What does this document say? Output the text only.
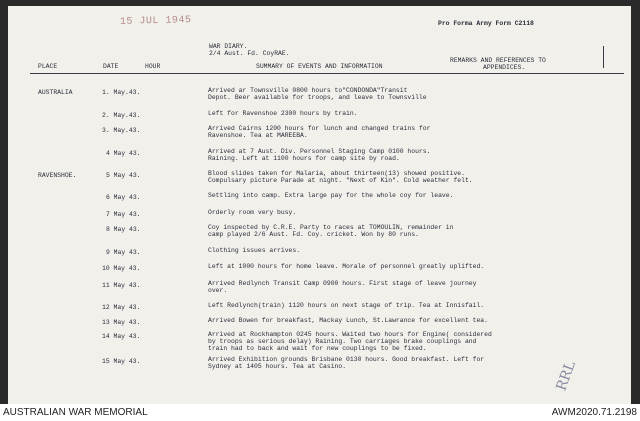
15 JUL 1945	Pro Forma Army Form C2118
WAR DIARY.
2/4 Aust. Fd. CoyRAE.
PLACE	DATE	HOUR	SUMMARY OF EVENTS AND INFORMATION
REMARKS AND REFERENCES TO
APPENDICES.
AUSTRALIA	1. May.43.	Arrived ar Townsville 0800 hours to"CONDONDA"Transit
Depot. Beer available for troops, and leave to Townsville
2. May.43.	Left for Ravenshoe 2300 hours by train.
3. May.43.	Arrived Cairns 1200 hours for lunch and changed trains for
Ravenshoe. Tea at MAREEBA.
4 May 43.	Arrived at 7 Aust. Div. Personnel Staging Camp 0100 hours.
Raining. Left at 1100 hours for camp site by road.
RAVENSHOE.	5 May 43.	Blood slides taken for Malaria, about thirteen(13) showed positive.
Compulsary picture Parade at night. "Next of Kin". Cold weather felt.
6 May 43.	Settling into camp. Extra large pay for the whole coy for leave.
7 May 43.	Orderly room very busy.
8 May 43.	Coy inspected by C.R.E. Party to races at TOMOULIN, remainder in
camp played 2/6 Aust. Fd. Coy. cricket. Won by 80 runs.
9 May 43.	Clothing issues arrives.
10 May 43.	Left at 1000 hours for home leave. Morale of personnel greatly uplifted.
11 May 43.	Arrived Redlynch Transit Camp 0900 hours. First stage of leave journey
over.
12 May 43.	Left Redlynch(train) 1120 hours on next stage of trip. Tea at Innisfail.
13 May 43.	Arrived Bowen for breakfast, Mackay Lunch, St.Lawrance for excellent tea.
14 May 43.	Arrived at Rockhampton 0245 hours. Waited two hours for Engine( considered
by troops as serious delay) Raining. Two carriages brake couplings and
train had to back and wait for new couplings to be fixed.
15 May 43.	Arrived Exhibition grounds Brisbane 0130 hours. Good breakfast. Left for
Sydney at 1405 hours. Tea at Casino.	RRL
AUSTRALIAN WAR MEMORIAL	AWM2020.71.2198
